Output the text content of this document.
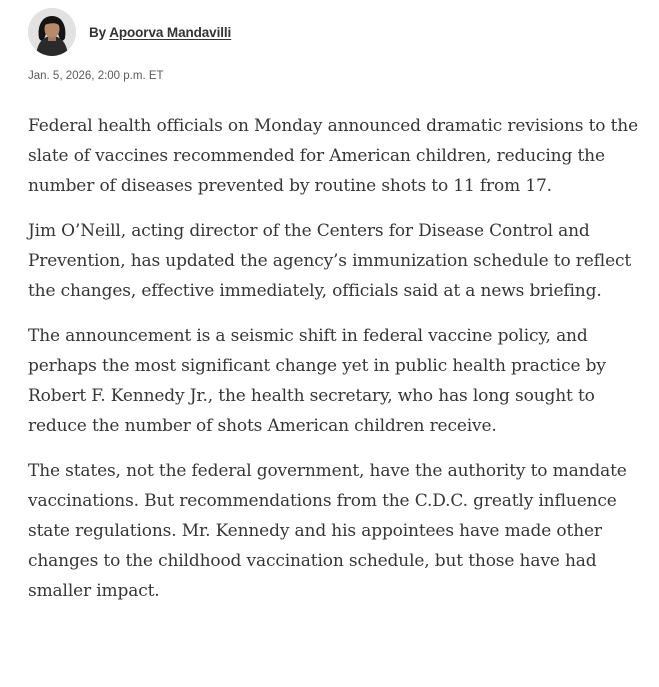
By Apoorva Mandavilli
Jan. 5, 2026, 2:00 p.m. ET

Federal health officials on Monday announced dramatic revisions to the slate of vaccines recommended for American children, reducing the number of diseases prevented by routine shots to 11 from 17.

Jim O’Neill, acting director of the Centers for Disease Control and Prevention, has updated the agency’s immunization schedule to reflect the changes, effective immediately, officials said at a news briefing.

The announcement is a seismic shift in federal vaccine policy, and perhaps the most significant change yet in public health practice by Robert F. Kennedy Jr., the health secretary, who has long sought to reduce the number of shots American children receive.

The states, not the federal government, have the authority to mandate vaccinations. But recommendations from the C.D.C. greatly influence state regulations. Mr. Kennedy and his appointees have made other changes to the childhood vaccination schedule, but those have had smaller impact.
